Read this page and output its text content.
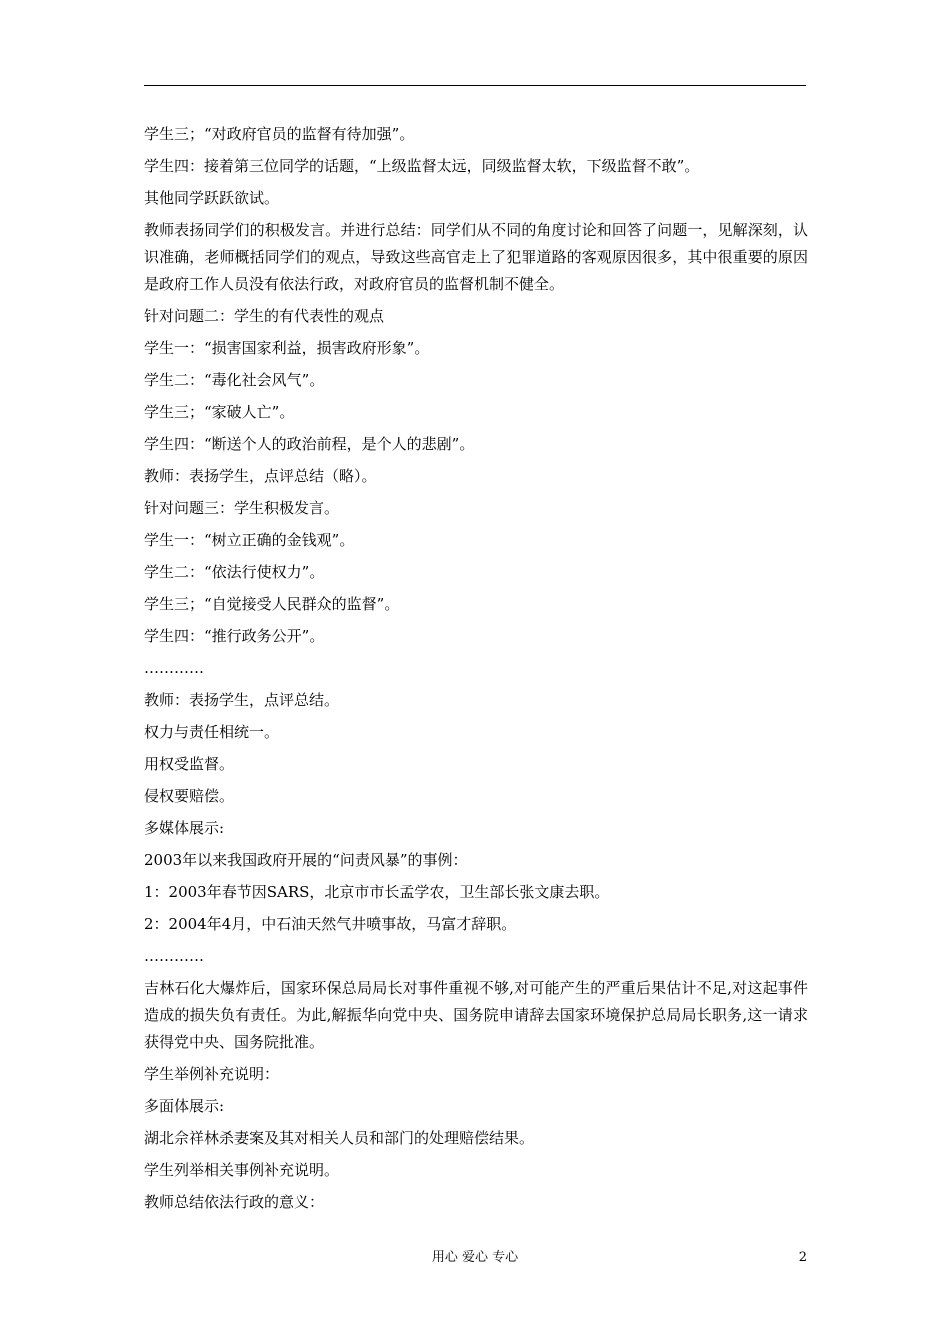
学生三；“对政府官员的监督有待加强”。

学生四：接着第三位同学的话题，“上级监督太远，同级监督太软，下级监督不敢”。

其他同学跃跃欲试。

教师表扬同学们的积极发言。并进行总结：同学们从不同的角度讨论和回答了问题一，见解深刻，认识准确，老师概括同学们的观点，导致这些高官走上了犯罪道路的客观原因很多，其中很重要的原因是政府工作人员没有依法行政，对政府官员的监督机制不健全。

针对问题二：学生的有代表性的观点

学生一：“损害国家利益，损害政府形象”。

学生二：“毒化社会风气”。

学生三；“家破人亡”。

学生四：“断送个人的政治前程，是个人的悲剧”。

教师：表扬学生，点评总结（略）。

针对问题三：学生积极发言。

学生一：“树立正确的金钱观”。

学生二：“依法行使权力”。

学生三；“自觉接受人民群众的监督”。

学生四：“推行政务公开”。

…………

教师：表扬学生，点评总结。

权力与责任相统一。

用权受监督。

侵权要赔偿。

多媒体展示:

2003年以来我国政府开展的“问责风暴”的事例：

1：2003年春节因SARS，北京市市长孟学农，卫生部长张文康去职。

2：2004年4月，中石油天然气井喷事故，马富才辞职。

…………

吉林石化大爆炸后，国家环保总局局长对事件重视不够,对可能产生的严重后果估计不足,对这起事件造成的损失负有责任。为此,解振华向党中央、国务院申请辞去国家环境保护总局局长职务,这一请求获得党中央、国务院批准。

学生举例补充说明：

多面体展示:

湖北佘祥林杀妻案及其对相关人员和部门的处理赔偿结果。

学生列举相关事例补充说明。

教师总结依法行政的意义：

用心 爱心 专心	2
